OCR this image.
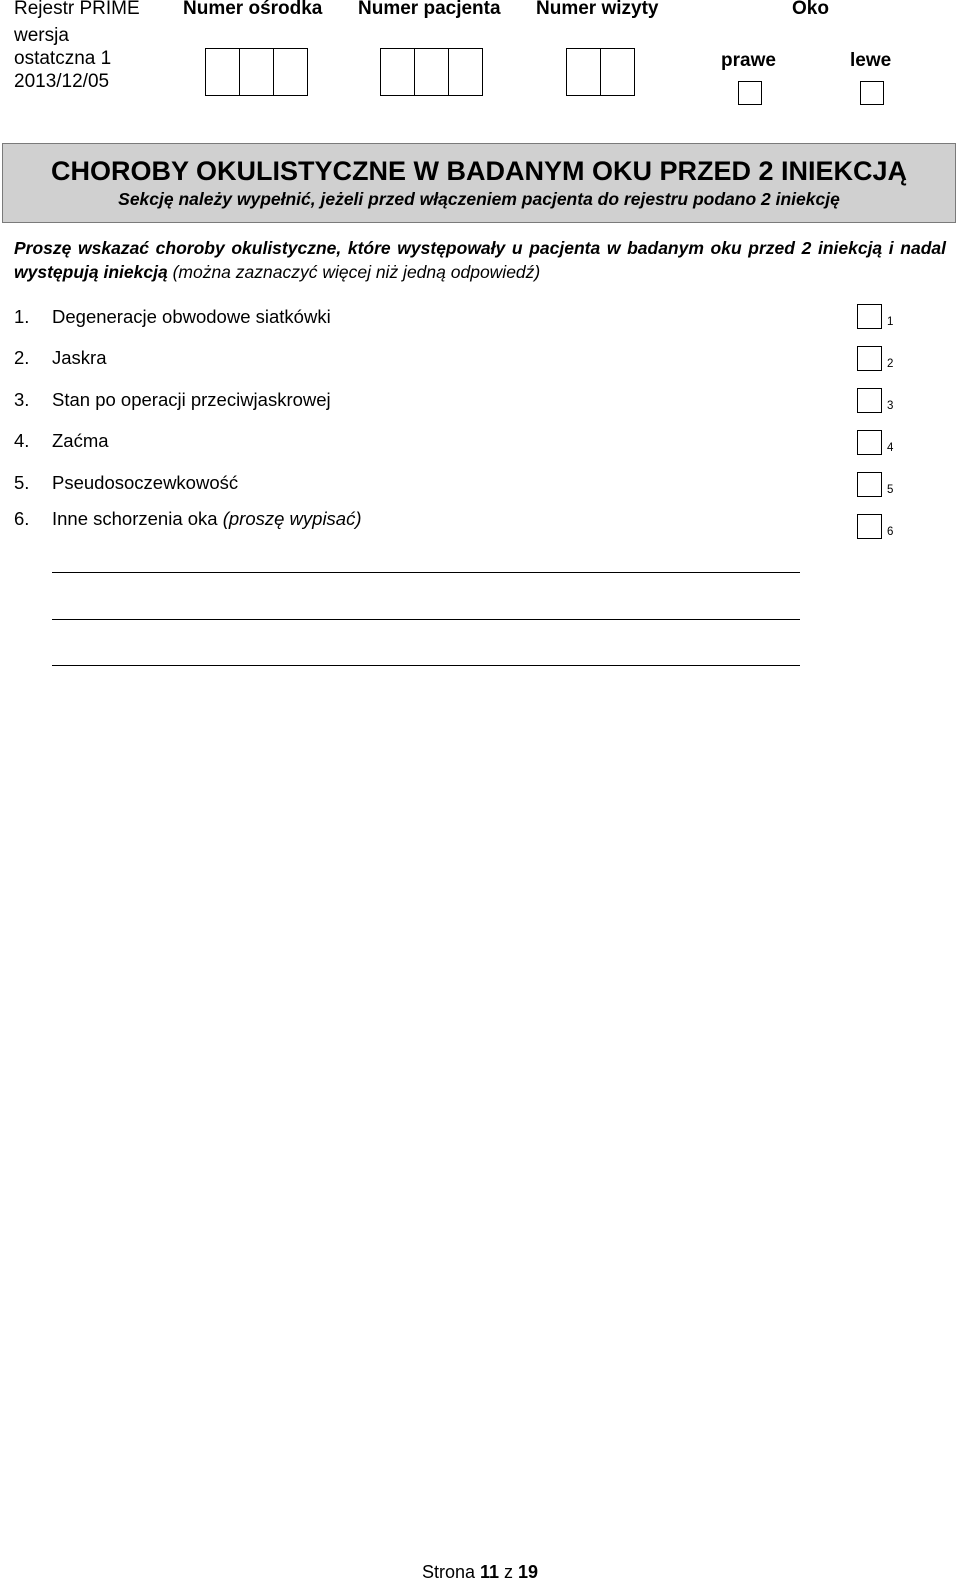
Rejestr PRIME Numer ośrodka Numer pacjenta Numer wizyty	Oko
wersja
ostatczna 1
2013/12/05
prawe	lewe
CHOROBY OKULISTYCZNE W BADANYM OKU PRZED 2 INIEKCJĄ
Sekcję należy wypełnić, jeżeli przed włączeniem pacjenta do rejestru podano 2 iniekcję
Proszę wskazać choroby okulistyczne, które występowały u pacjenta w badanym oku przed 2 iniekcją i nadal występują iniekcją (można zaznaczyć więcej niż jedną odpowiedź)
1. Degeneracje obwodowe siatkówki	1
2. Jaskra	2
3. Stan po operacji przeciwjaskrowej	3
4. Zaćma	4
5. Pseudosoczewkowość	5
6. Inne schorzenia oka (proszę wypisać)
6
Strona 11 z 19
